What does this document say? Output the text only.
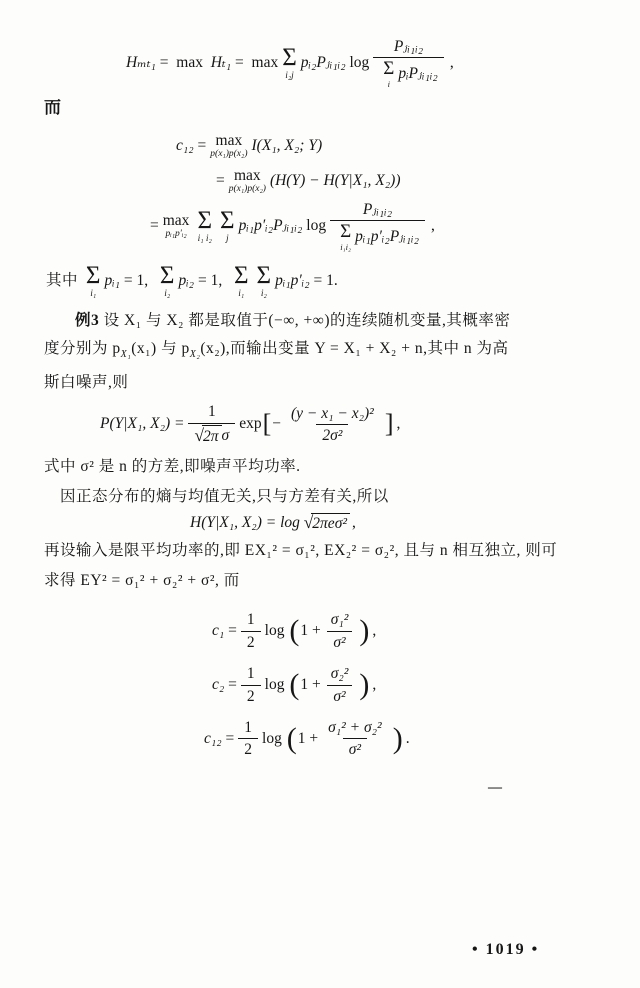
Hₘₜ₁
=
max
Hₜ₁
=
max Σ
i₂j
pᵢ₂Pⱼᵢ₁ᵢ₂
log Pⱼᵢ₁ᵢ₂
Σ
i
pᵢPⱼᵢ₁ᵢ₂ ,
而
c₁₂
= max
p(x₁)p(x₂)
I(X₁, X₂; Y)
= max
p(x₁)p(x₂)
(H(Y) − H(Y|X₁, X₂))
= max
pᵢ₁p′ᵢ₂
Σ
i₁ i₂
Σ
j
pᵢ₁p′ᵢ₂Pⱼᵢ₁ᵢ₂
log Pⱼᵢ₁ᵢ₂
Σ
i₁i₂
pᵢ₁p′ᵢ₂Pⱼᵢ₁ᵢ₂ ,
其中
Σ
i₁
pᵢ₁
= 1,
Σ
i₂
pᵢ₂
= 1,
Σ
i₁
Σ
i₂
pᵢ₁p′ᵢ₂
= 1.

例3 设 X₁ 与 X₂ 都是取值于(−∞, +∞)的连续随机变量,其概率密
度分别为 $p_{X_1}(x_1)$ 与 $p_{X_2}(x_2)$,而输出变量 Y = X₁ + X₂ + n,其中 n 为高
斯白噪声,则

P(Y|X₁, $X_2) = \frac{1}{\text{√ 2π σ}}$ exp [ − $\frac{\text{(y − x₁ − x₂)²}}{\text{2σ²}}$ ] ,
式中 σ² 是 n 的方差,即噪声平均功率.
因正态分布的熵与均值无关,只与方差有关,所以
H(Y|X₁, X₂) = log
√ 2πeσ² ,
再设输入是限平均功率的,即 EX₁² = σ₁², EX₂² = σ₂², 且与 n 相互独立, 则可
求得 EY² = σ₁² + σ₂² + σ², 而
c₁
= $\frac{1}{2}$ log
( $1 + \frac{\text{σ₁²}}{\text{σ²}}$ ) ,
c₂
= $\frac{1}{2}$ log
( $1 + \frac{\text{σ₂²}}{\text{σ²}}$ ) ,
c₁₂
= $\frac{1}{2}$ log
( $1 + \frac{\text{σ₁² + σ₂²}}{\text{σ²}}$ ) .
—
• 1019 •
